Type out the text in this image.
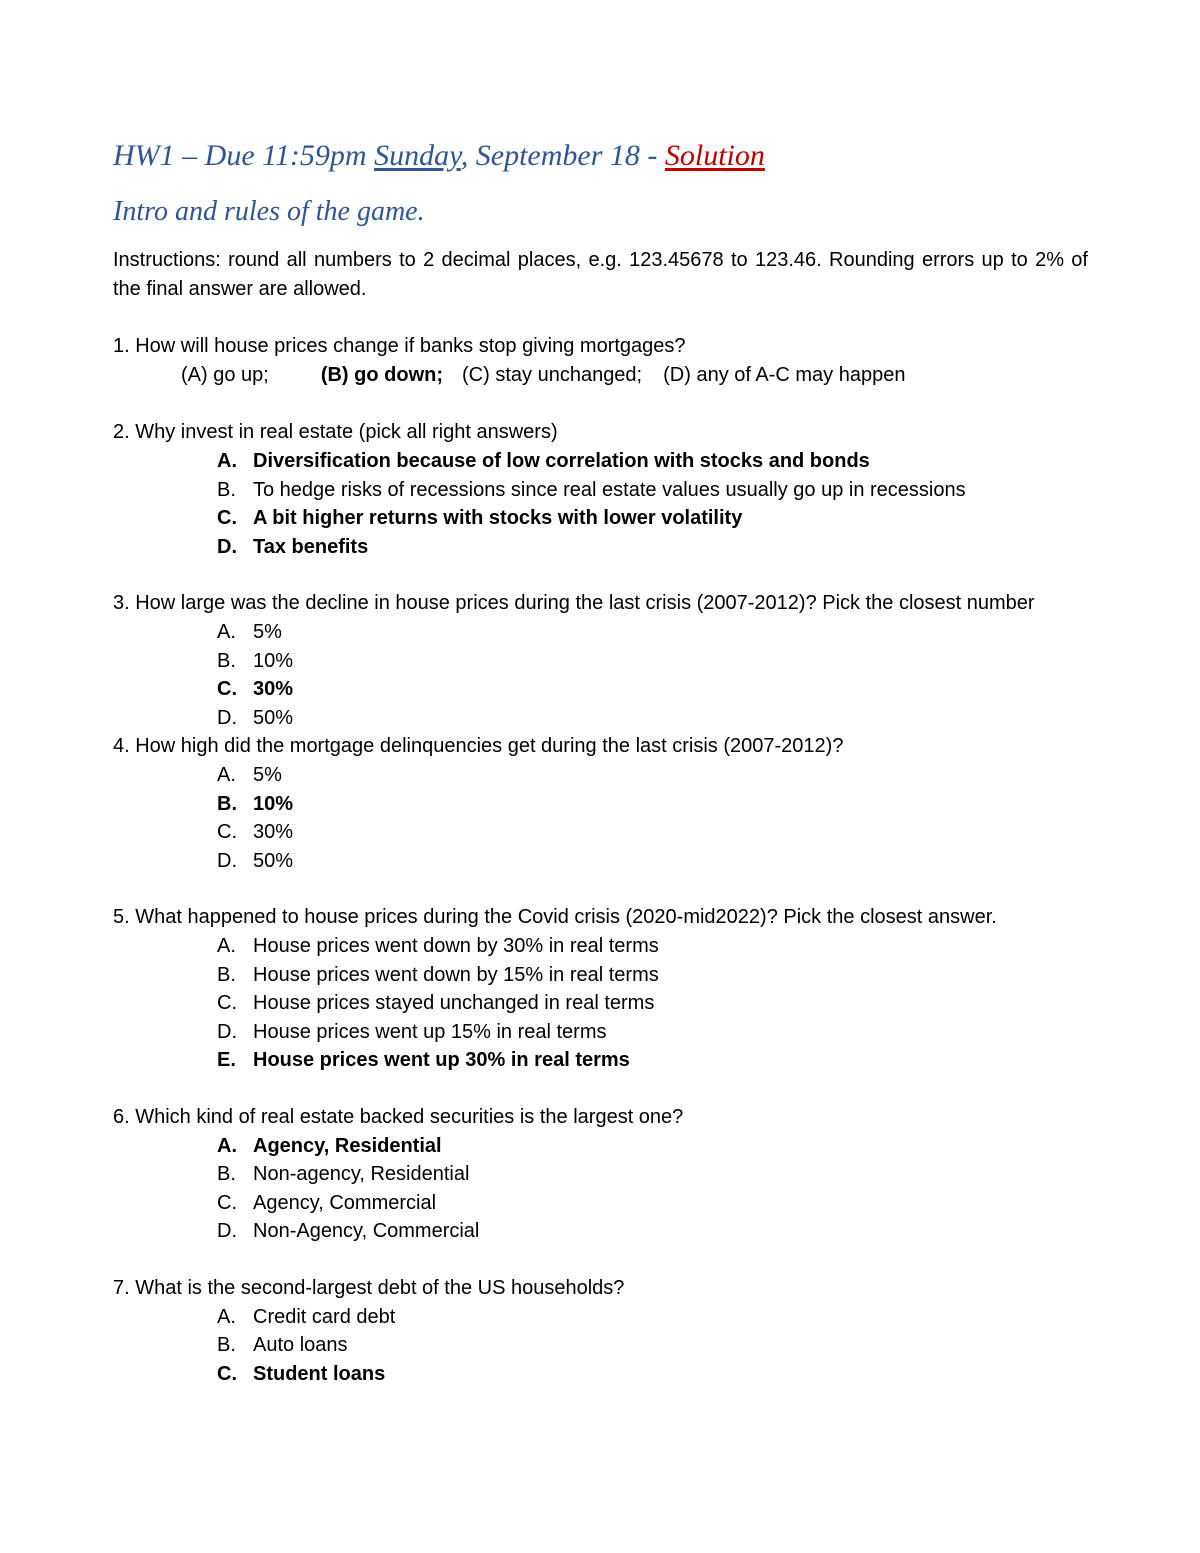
HW1 – Due 11:59pm Sunday, September 18 - Solution
Intro and rules of the game.
Instructions: round all numbers to 2 decimal places, e.g. 123.45678 to 123.46. Rounding errors up to 2% of the final answer are allowed.
1. How will house prices change if banks stop giving mortgages?
(A) go up;	(B) go down; (C) stay unchanged; (D) any of A-C may happen
2. Why invest in real estate (pick all right answers)
A. Diversification because of low correlation with stocks and bonds
B. To hedge risks of recessions since real estate values usually go up in recessions
C. A bit higher returns with stocks with lower volatility
D. Tax benefits
3. How large was the decline in house prices during the last crisis (2007-2012)? Pick the closest number
A. 5%
B. 10%
C. 30%
D. 50%
4. How high did the mortgage delinquencies get during the last crisis (2007-2012)?
A. 5%
B. 10%
C. 30%
D. 50%
5. What happened to house prices during the Covid crisis (2020-mid2022)? Pick the closest answer.
A. House prices went down by 30% in real terms
B. House prices went down by 15% in real terms
C. House prices stayed unchanged in real terms
D. House prices went up 15% in real terms
E. House prices went up 30% in real terms
6. Which kind of real estate backed securities is the largest one?
A. Agency, Residential
B. Non-agency, Residential
C. Agency, Commercial
D. Non-Agency, Commercial
7. What is the second-largest debt of the US households?
A. Credit card debt
B. Auto loans
C. Student loans
